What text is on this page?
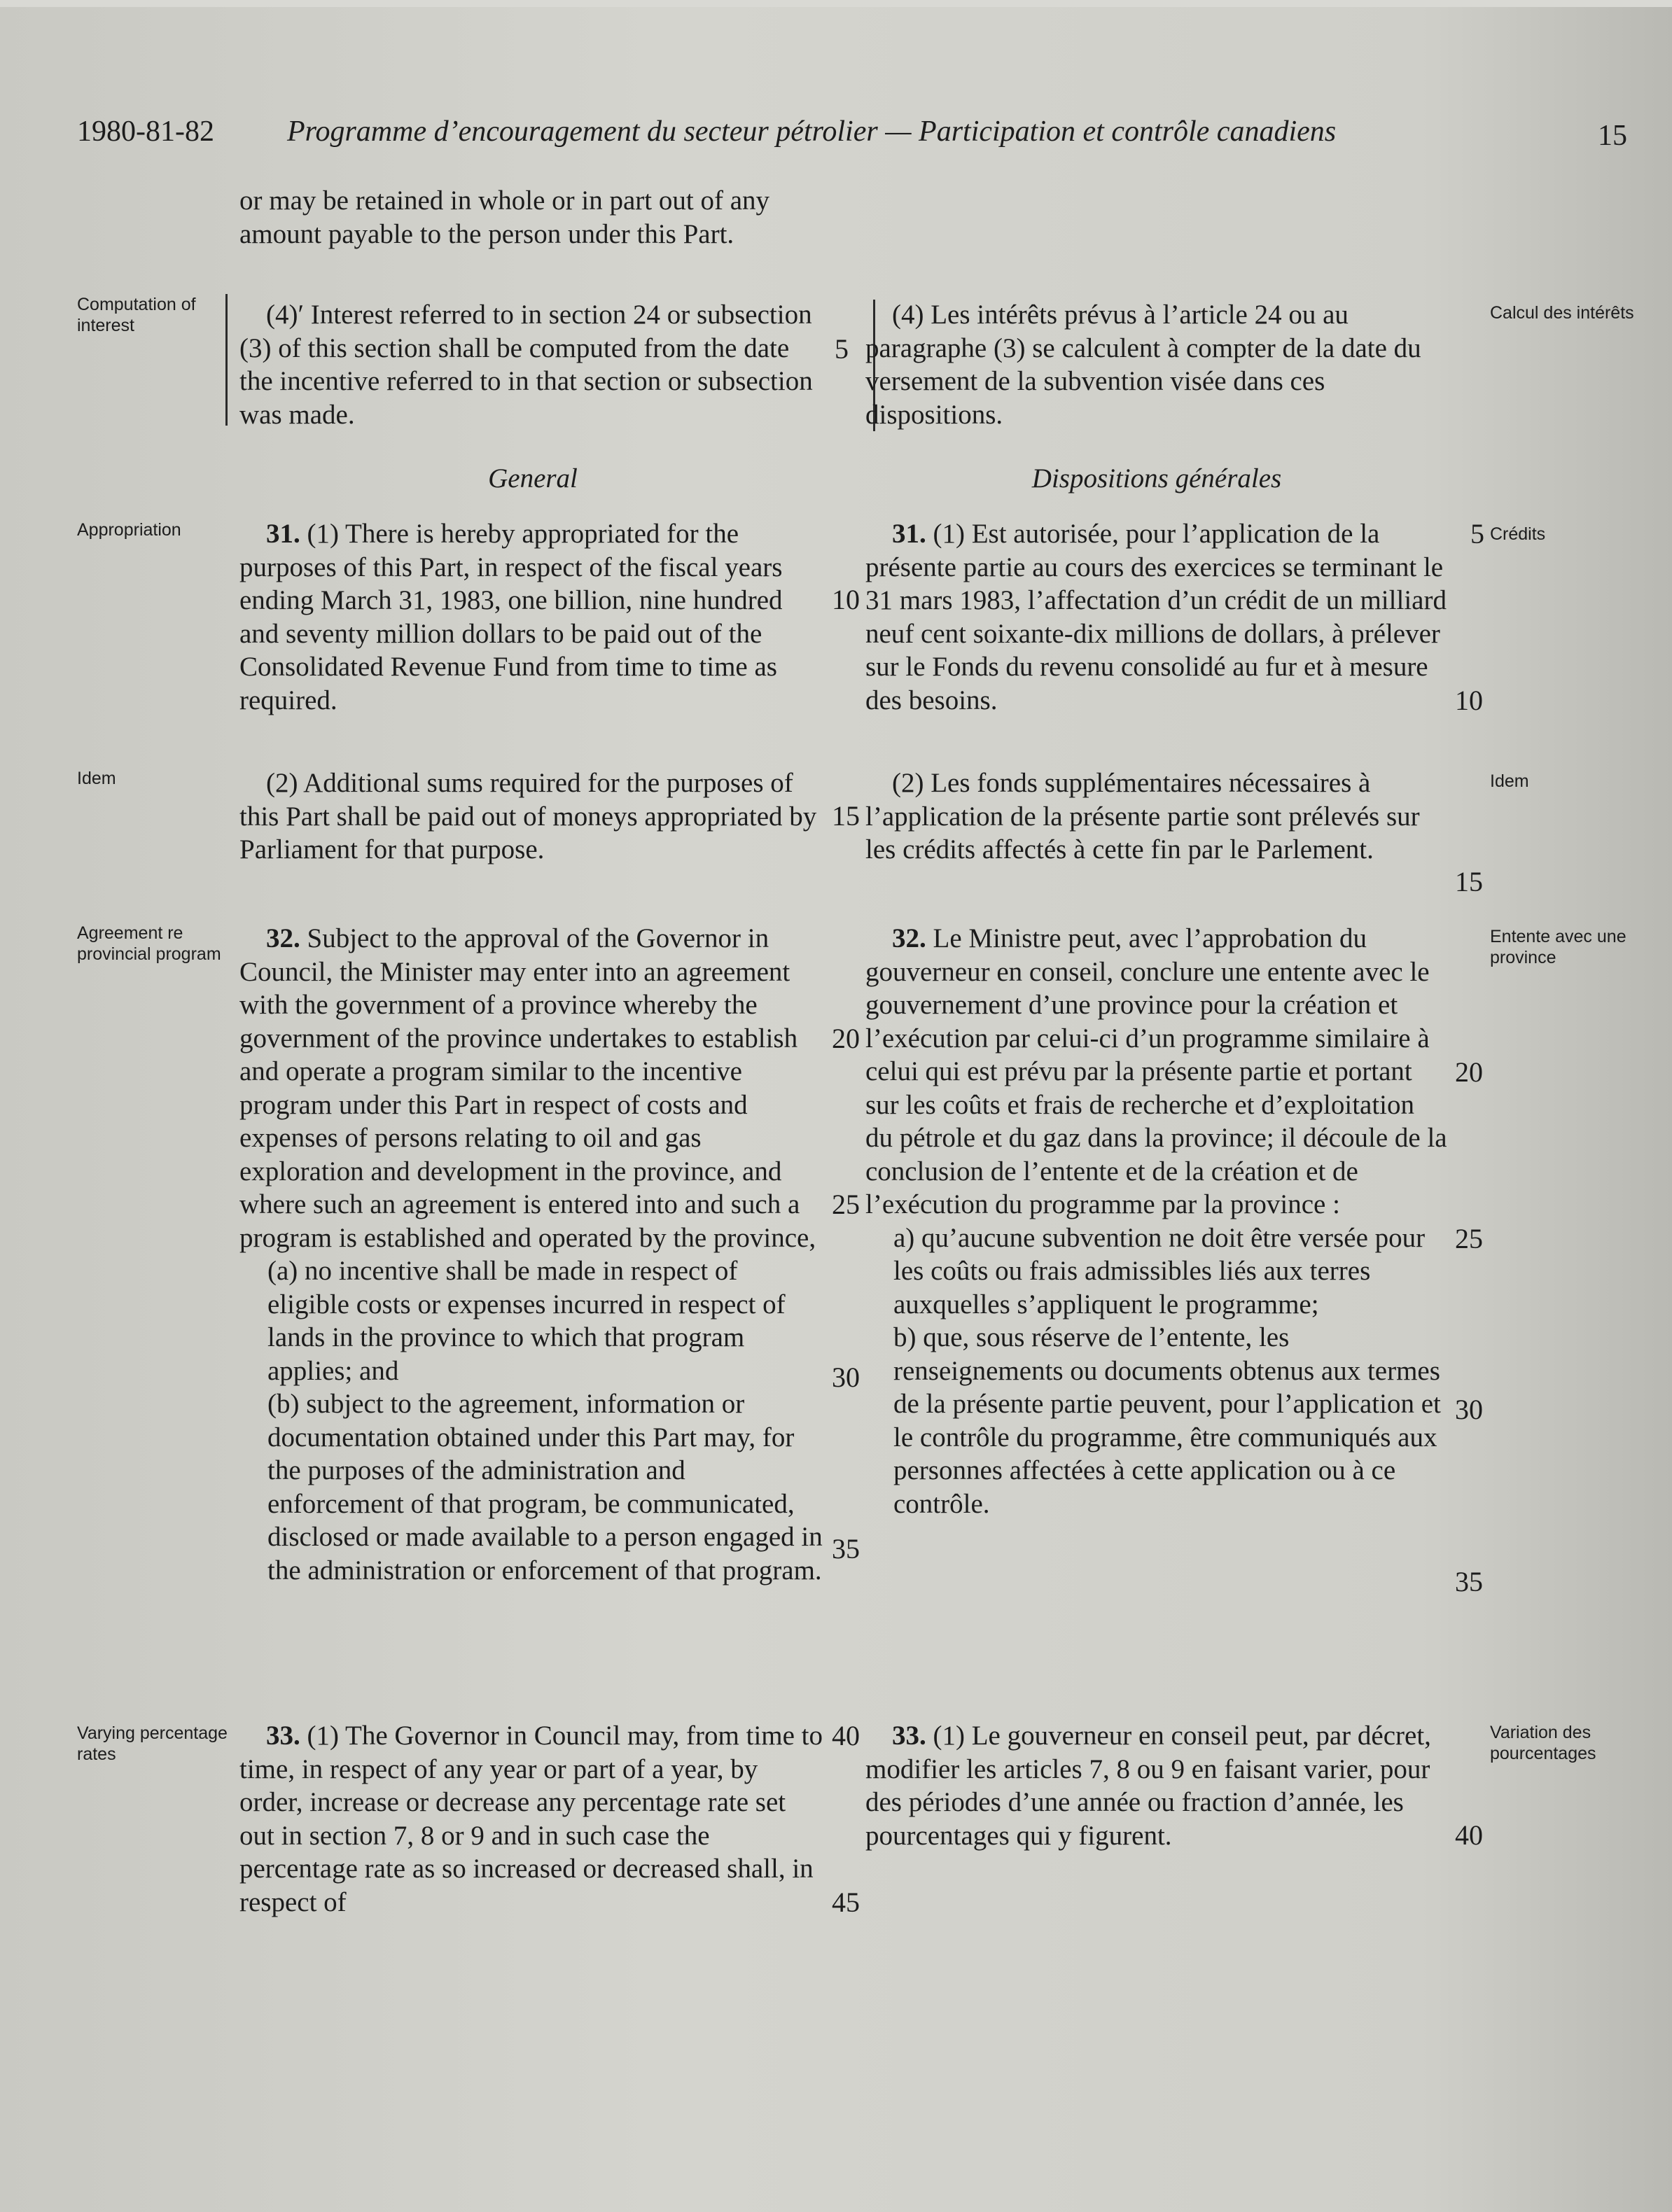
1980-81-82 Programme d’encouragement du secteur pétrolier — Participation et contrôle canadiens	15
Computation of interest
Appropriation
Idem
Agreement re provincial program
Varying percentage rates
Calcul des intérêts
Crédits
Idem
Entente avec une province
Variation des pourcentages

or may be retained in whole or in part out of any amount payable to the person under this Part.

(4)ʹ Interest referred to in section 24 or subsection (3) of this section shall be computed from the date the incentive referred to in that section or subsection was made.

General

31. (1) There is hereby appropriated for the purposes of this Part, in respect of the fiscal years ending March 31, 1983, one billion, nine hundred and seventy million dollars to be paid out of the Consolidated Revenue Fund from time to time as required.

(2) Additional sums required for the purposes of this Part shall be paid out of moneys appropriated by Parliament for that purpose.

32. Subject to the approval of the Governor in Council, the Minister may enter into an agreement with the government of a province whereby the government of the province undertakes to establish and operate a program similar to the incentive program under this Part in respect of costs and expenses of persons relating to oil and gas exploration and development in the province, and where such an agreement is entered into and such a program is established and operated by the province,

(a) no incentive shall be made in respect of eligible costs or expenses incurred in respect of lands in the province to which that program applies; and

(b) subject to the agreement, information or documentation obtained under this Part may, for the purposes of the administration and enforcement of that program, be communicated, disclosed or made available to a person engaged in the administration or enforcement of that program.

33. (1) The Governor in Council may, from time to time, in respect of any year or part of a year, by order, increase or decrease any percentage rate set out in section 7, 8 or 9 and in such case the percentage rate as so increased or decreased shall, in respect of

(4) Les intérêts prévus à l’article 24 ou au paragraphe (3) se calculent à compter de la date du versement de la subvention visée dans ces dispositions.

Dispositions générales

31. (1) Est autorisée, pour l’application de la présente partie au cours des exercices se terminant le 31 mars 1983, l’affectation d’un crédit de un milliard neuf cent soixante-dix millions de dollars, à prélever sur le Fonds du revenu consolidé au fur et à mesure des besoins.

(2) Les fonds supplémentaires nécessaires à l’application de la présente partie sont prélevés sur les crédits affectés à cette fin par le Parlement.

32. Le Ministre peut, avec l’approbation du gouverneur en conseil, conclure une entente avec le gouvernement d’une province pour la création et l’exécution par celui-ci d’un programme similaire à celui qui est prévu par la présente partie et portant sur les coûts et frais de recherche et d’exploitation du pétrole et du gaz dans la province; il découle de la conclusion de l’entente et de la création et de l’exécution du programme par la province :

a) qu’aucune subvention ne doit être versée pour les coûts ou frais admissibles liés aux terres auxquelles s’appliquent le programme;

b) que, sous réserve de l’entente, les renseignements ou documents obtenus aux termes de la présente partie peuvent, pour l’application et le contrôle du programme, être communiqués aux personnes affectées à cette application ou à ce contrôle.

33. (1) Le gouverneur en conseil peut, par décret, modifier les articles 7, 8 ou 9 en faisant varier, pour des périodes d’une année ou fraction d’année, les pourcentages qui y figurent.

5
10
15
20
25
30
35
40
45
5
10
15
20
25
30
35
40
